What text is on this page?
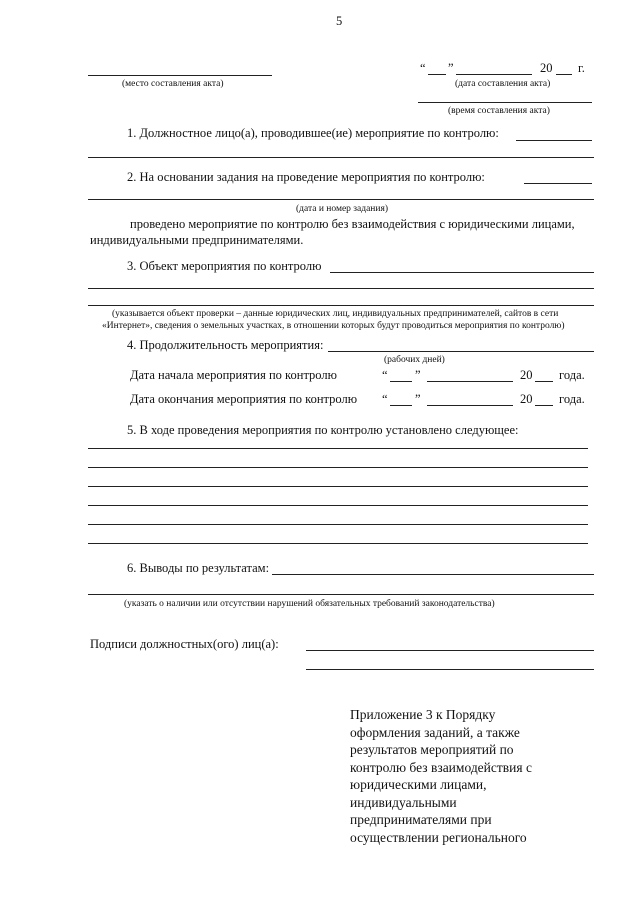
5
(место составления акта)
“ ”	20 г.
(дата составления акта)
(время составления акта)
1. Должностное лицо(а), проводившее(ие) мероприятие по контролю:
2. На основании задания на проведение мероприятия по контролю:
(дата и номер задания)
проведено мероприятие по контролю без взаимодействия с юридическими лицами,
индивидуальными предпринимателями.
3. Объект мероприятия по контролю
(указывается объект проверки – данные юридических лиц, индивидуальных предпринимателей, сайтов в сети
«Интернет», сведения о земельных участках, в отношении которых будут проводиться мероприятия по контролю)
4. Продолжительность мероприятия:
(рабочих дней)
Дата начала мероприятия по контролю	“ ”	20 года.
Дата окончания мероприятия по контролю “ ”	20 года.
5. В ходе проведения мероприятия по контролю установлено следующее:
6. Выводы по результатам:
(указать о наличии или отсутствии нарушений обязательных требований законодательства)
Подписи должностных(ого) лиц(а):
Приложение 3 к Порядку
оформления заданий, а также
результатов мероприятий по
контролю без взаимодействия с
юридическими лицами,
индивидуальными
предпринимателями при
осуществлении регионального
